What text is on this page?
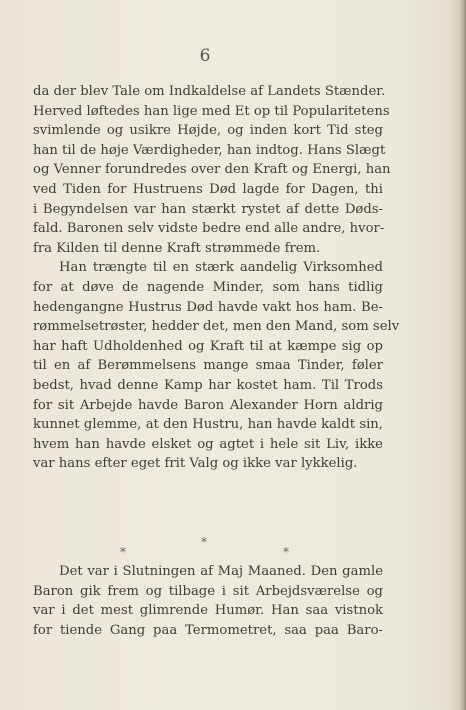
6

da der blev Tale om Indkaldelse af Landets Stænder.
Herved løftedes han lige med Et op til Popularitetens
svimlende og usikre Højde, og inden kort Tid steg
han til de høje Værdigheder, han indtog. Hans Slægt
og Venner forundredes over den Kraft og Energi, han
ved Tiden for Hustruens Død lagde for Dagen, thi
i Begyndelsen var han stærkt rystet af dette Døds-
fald. Baronen selv vidste bedre end alle andre, hvor-
fra Kilden til denne Kraft strømmede frem.

Han trængte til en stærk aandelig Virksomhed
for at døve de nagende Minder, som hans tidlig
hedengangne Hustrus Død havde vakt hos ham. Be-
rømmelsetrøster, hedder det, men den Mand, som selv
har haft Udholdenhed og Kraft til at kæmpe sig op
til en af Berømmelsens mange smaa Tinder, føler
bedst, hvad denne Kamp har kostet ham. Til Trods
for sit Arbejde havde Baron Alexander Horn aldrig
kunnet glemme, at den Hustru, han havde kaldt sin,
hvem han havde elsket og agtet i hele sit Liv, ikke
var hans efter eget frit Valg og ikke var lykkelig.

*
*	*

Det var i Slutningen af Maj Maaned. Den gamle
Baron gik frem og tilbage i sit Arbejdsværelse og
var i det mest glimrende Humør. Han saa vistnok
for tiende Gang paa Termometret, saa paa Baro-
